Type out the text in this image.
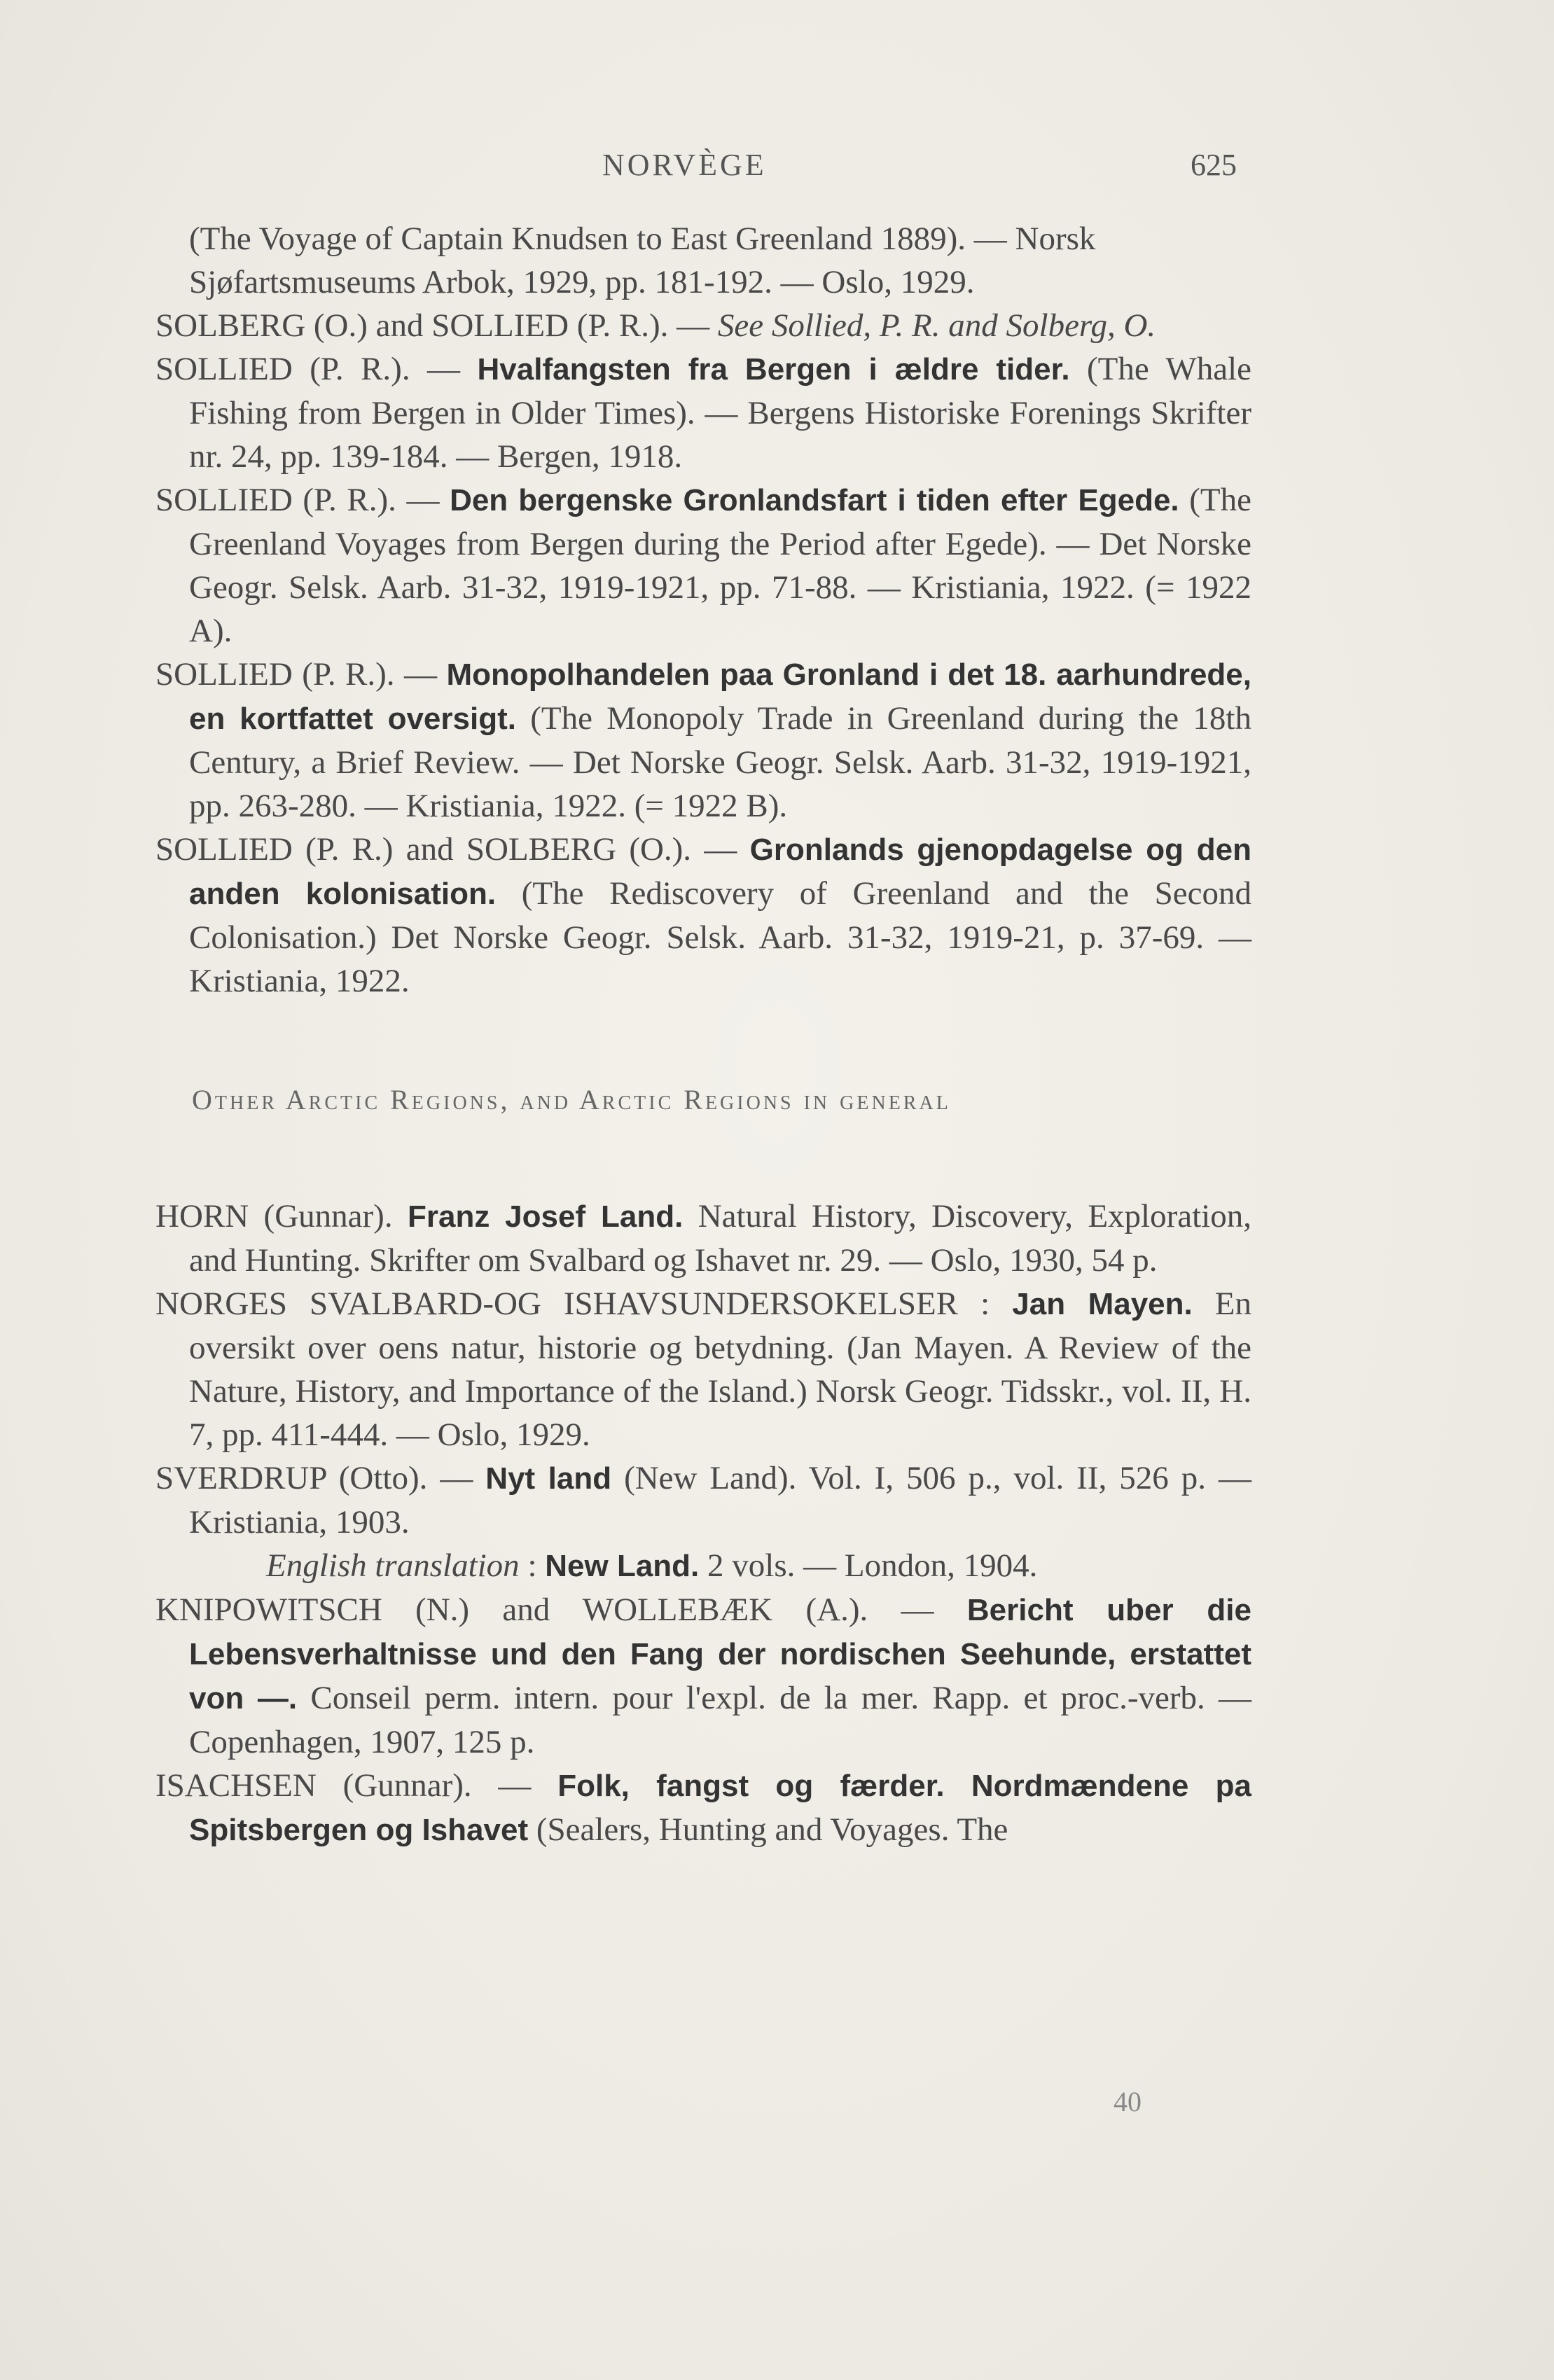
NORVÈGE	625
(The Voyage of Captain Knudsen to East Greenland 1889). — Norsk Sjøfartsmuseums Arbok, 1929, pp. 181-192. — Oslo, 1929.
SOLBERG (O.) and SOLLIED (P. R.). — See Sollied, P. R. and Solberg, O.
SOLLIED (P. R.). — Hvalfangsten fra Bergen i ældre tider. (The Whale Fishing from Bergen in Older Times). — Bergens Historiske Forenings Skrifter nr. 24, pp. 139-184. — Bergen, 1918.
SOLLIED (P. R.). — Den bergenske Gronlandsfart i tiden efter Egede. (The Greenland Voyages from Bergen during the Period after Egede). — Det Norske Geogr. Selsk. Aarb. 31-32, 1919-1921, pp. 71-88. — Kristiania, 1922. (= 1922 A).
SOLLIED (P. R.). — Monopolhandelen paa Gronland i det 18. aarhundrede, en kortfattet oversigt. (The Monopoly Trade in Greenland during the 18th Century, a Brief Review. — Det Norske Geogr. Selsk. Aarb. 31-32, 1919-1921, pp. 263-280. — Kristiania, 1922. (= 1922 B).
SOLLIED (P. R.) and SOLBERG (O.). — Gronlands gjenopdagelse og den anden kolonisation. (The Rediscovery of Greenland and the Second Colonisation.) Det Norske Geogr. Selsk. Aarb. 31-32, 1919-21, p. 37-69. — Kristiania, 1922.
Other Arctic Regions, and Arctic Regions in general
HORN (Gunnar). Franz Josef Land. Natural History, Discovery, Exploration, and Hunting. Skrifter om Svalbard og Ishavet nr. 29. — Oslo, 1930, 54 p.
NORGES SVALBARD-OG ISHAVSUNDERSOKELSER : Jan Mayen. En oversikt over oens natur, historie og betydning. (Jan Mayen. A Review of the Nature, History, and Importance of the Island.) Norsk Geogr. Tidsskr., vol. II, H. 7, pp. 411-444. — Oslo, 1929.
SVERDRUP (Otto). — Nyt land (New Land). Vol. I, 506 p., vol. II, 526 p. — Kristiania, 1903.
English translation : New Land. 2 vols. — London, 1904.
KNIPOWITSCH (N.) and WOLLEBÆK (A.). — Bericht uber die Lebensverhaltnisse und den Fang der nordischen Seehunde, erstattet von —. Conseil perm. intern. pour l'expl. de la mer. Rapp. et proc.-verb. — Copenhagen, 1907, 125 p.
ISACHSEN (Gunnar). — Folk, fangst og færder. Nordmændene pa Spitsbergen og Ishavet (Sealers, Hunting and Voyages. The
40
